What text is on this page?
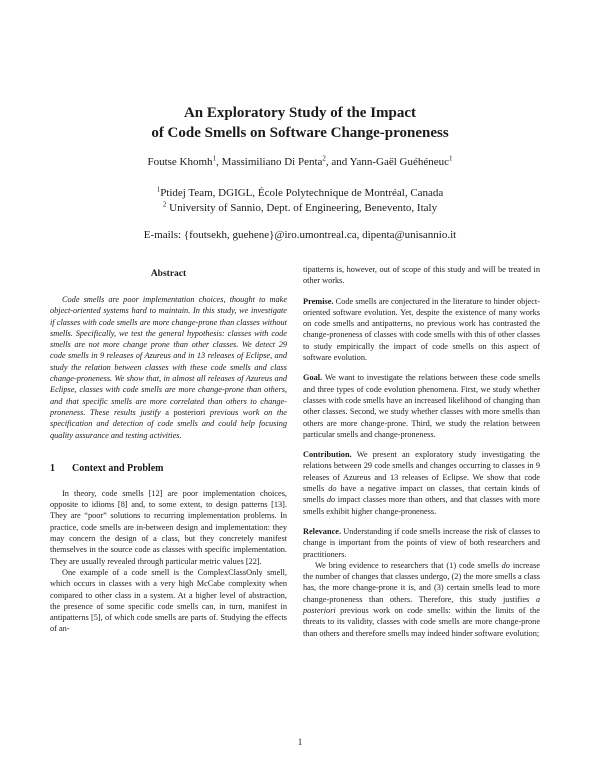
An Exploratory Study of the Impact
of Code Smells on Software Change-proneness
Foutse Khomh$^1$, Massimiliano Di Penta$^2$, and Yann-Gaël Guéhéneuc$^1$
$^1$Ptidej Team, DGIGL, École Polytechnique de Montréal, Canada
$^2$ University of Sannio, Dept. of Engineering, Benevento, Italy
E-mails: {foutsekh, guehene}@iro.umontreal.ca, dipenta@unisannio.it
Abstract

Code smells are poor implementation choices, thought to make object-oriented systems hard to maintain. In this study, we investigate if classes with code smells are more change-prone than classes without smells. Specifically, we test the general hypothesis: classes with code smells are not more change prone than other classes. We detect 29 code smells in 9 releases of Azureus and in 13 releases of Eclipse, and study the relation between classes with these code smells and class change-proneness. We show that, in almost all releases of Azureus and Eclipse, classes with code smells are more change-prone than others, and that specific smells are more correlated than others to change-proneness. These results justify a posteriori previous work on the specification and detection of code smells and could help focusing quality assurance and testing activities.

1 Context and Problem

In theory, code smells [12] are poor implementation choices, opposite to idioms [8] and, to some extent, to design patterns [13]. They are “poor” solutions to recurring implementation problems. In practice, code smells are in-between design and implementation: they may concern the design of a class, but they concretely manifest themselves in the source code as classes with specific implementation. They are usually revealed through particular metric values [22].

One example of a code smell is the ComplexClassOnly smell, which occurs in classes with a very high McCabe complexity when compared to other class in a system. At a higher level of abstraction, the presence of some specific code smells can, in turn, manifest in antipatterns [5], of which code smells are parts of. Studying the effects of an-

tipatterns is, however, out of scope of this study and will be treated in other works.

Premise. Code smells are conjectured in the literature to hinder object-oriented software evolution. Yet, despite the existence of many works on code smells and antipatterns, no previous work has contrasted the change-proneness of classes with code smells with this of other classes to study empirically the impact of code smells on this aspect of software evolution.

Goal. We want to investigate the relations between these code smells and three types of code evolution phenomena. First, we study whether classes with code smells have an increased likelihood of changing than other classes. Second, we study whether classes with more smells than others are more change-prone. Third, we study the relation between particular smells and change-proneness.

Contribution. We present an exploratory study investigating the relations between 29 code smells and changes occurring to classes in 9 releases of Azureus and 13 releases of Eclipse. We show that code smells do have a negative impact on classes, that certain kinds of smells do impact classes more than others, and that classes with more smells exhibit higher change-proneness.

Relevance. Understanding if code smells increase the risk of classes to change is important from the points of view of both researchers and practitioners.

We bring evidence to researchers that (1) code smells do increase the number of changes that classes undergo, (2) the more smells a class has, the more change-prone it is, and (3) certain smells lead to more change-proneness than others. Therefore, this study justifies a posteriori previous work on code smells: within the limits of the threats to its validity, classes with code smells are more change-prone than others and therefore smells may indeed hinder software evolution;

1
